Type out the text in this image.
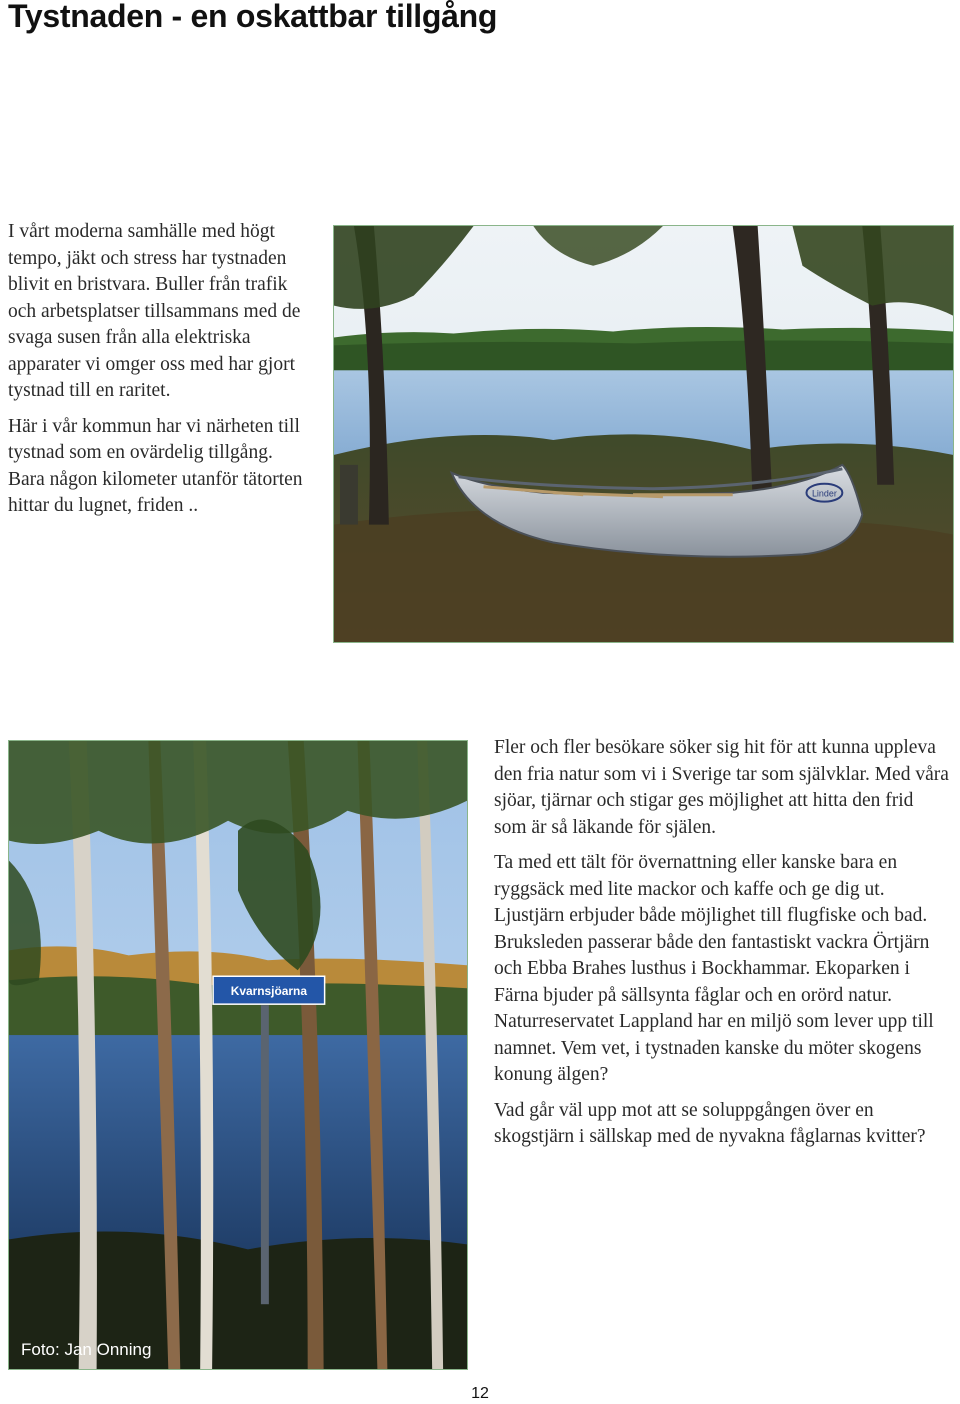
Tystnaden - en oskattbar tillgång

I vårt moderna samhälle med högt tempo, jäkt och stress har tystnaden blivit en bristvara. Buller från trafik och arbetsplatser tillsammans med de svaga susen från alla elektriska apparater vi omger oss med har gjort tystnad till en raritet.

Här i vår kommun har vi närheten till tystnad som en ovärdelig tillgång. Bara någon kilometer utanför tätorten hittar du lugnet, friden ..

Linder
Kvarnsjöarna
Foto: Jan Onning

Fler och fler besökare söker sig hit för att kunna uppleva den fria natur som vi i Sverige tar som självklar. Med våra sjöar, tjärnar och stigar ges möjlighet att hitta den frid som är så läkande för själen.

Ta med ett tält för övernattning eller kanske bara en ryggsäck med lite mackor och kaffe och ge dig ut. Ljustjärn erbjuder både möjlighet till flugfiske och bad. Bruksleden passerar både den fantastiskt vackra Örtjärn och Ebba Brahes lusthus i Bockhammar. Ekoparken i Färna bjuder på sällsynta fåglar och en orörd natur. Naturreservatet Lappland har en miljö som lever upp till namnet. Vem vet, i tystnaden kanske du möter skogens konung älgen?

Vad går väl upp mot att se soluppgången över en skogstjärn i sällskap med de nyvakna fåglarnas kvitter?

12
